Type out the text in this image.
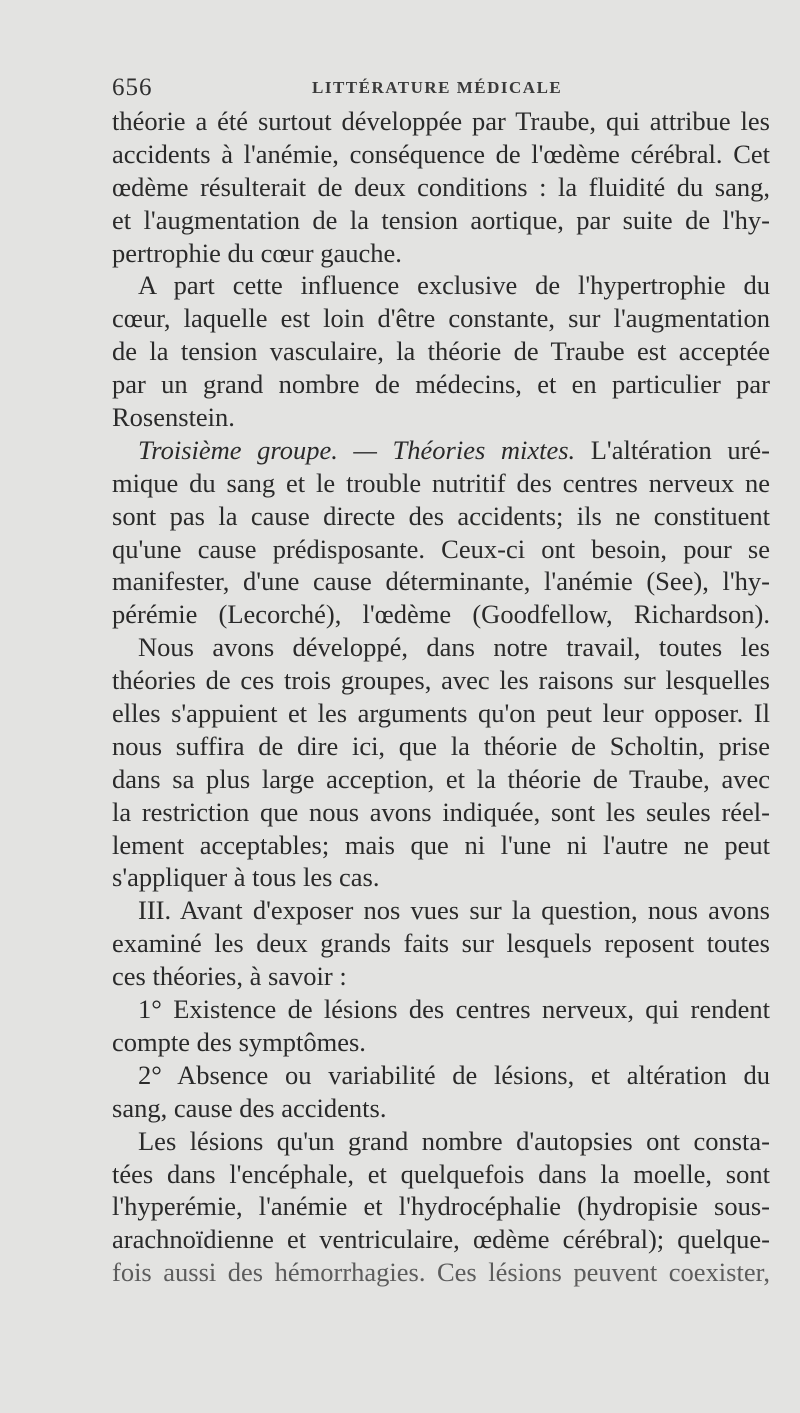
656	LITTÉRATURE MÉDICALE
théorie a été surtout développée par Traube, qui attribue les
accidents à l'anémie, conséquence de l'œdème cérébral. Cet
œdème résulterait de deux conditions : la fluidité du sang,
et l'augmentation de la tension aortique, par suite de l'hy-
pertrophie du cœur gauche.
A part cette influence exclusive de l'hypertrophie du
cœur, laquelle est loin d'être constante, sur l'augmentation
de la tension vasculaire, la théorie de Traube est acceptée
par un grand nombre de médecins, et en particulier par
Rosenstein.
Troisième groupe. — Théories mixtes. L'altération uré-
mique du sang et le trouble nutritif des centres nerveux ne
sont pas la cause directe des accidents; ils ne constituent
qu'une cause prédisposante. Ceux-ci ont besoin, pour se
manifester, d'une cause déterminante, l'anémie (See), l'hy-
pérémie (Lecorché), l'œdème (Goodfellow, Richardson).
Nous avons développé, dans notre travail, toutes les
théories de ces trois groupes, avec les raisons sur lesquelles
elles s'appuient et les arguments qu'on peut leur opposer. Il
nous suffira de dire ici, que la théorie de Scholtin, prise
dans sa plus large acception, et la théorie de Traube, avec
la restriction que nous avons indiquée, sont les seules réel-
lement acceptables; mais que ni l'une ni l'autre ne peut
s'appliquer à tous les cas.
III. Avant d'exposer nos vues sur la question, nous avons
examiné les deux grands faits sur lesquels reposent toutes
ces théories, à savoir :
1° Existence de lésions des centres nerveux, qui rendent
compte des symptômes.
2° Absence ou variabilité de lésions, et altération du
sang, cause des accidents.
Les lésions qu'un grand nombre d'autopsies ont consta-
tées dans l'encéphale, et quelquefois dans la moelle, sont
l'hyperémie, l'anémie et l'hydrocéphalie (hydropisie sous-
arachnoïdienne et ventriculaire, œdème cérébral); quelque-
fois aussi des hémorrhagies. Ces lésions peuvent coexister,
